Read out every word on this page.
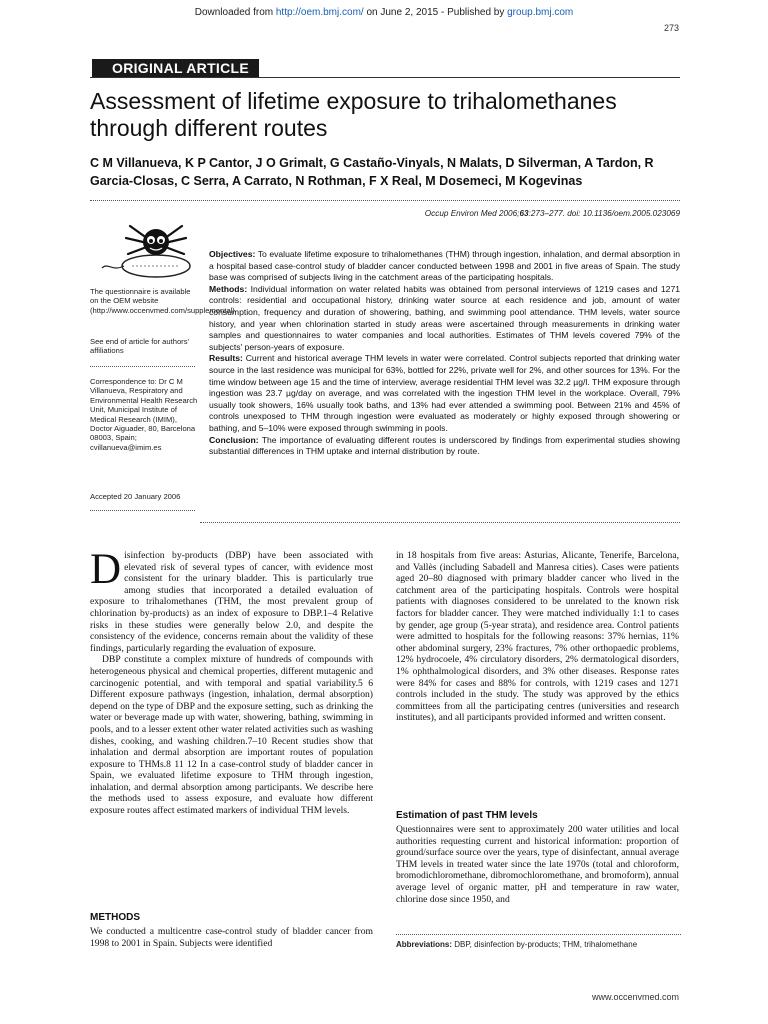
Downloaded from http://oem.bmj.com/ on June 2, 2015 - Published by group.bmj.com
273
ORIGINAL ARTICLE
Assessment of lifetime exposure to trihalomethanes through different routes
C M Villanueva, K P Cantor, J O Grimalt, G Castaño-Vinyals, N Malats, D Silverman, A Tardon, R Garcia-Closas, C Serra, A Carrato, N Rothman, F X Real, M Dosemeci, M Kogevinas
Occup Environ Med 2006;63:273–277. doi: 10.1136/oem.2005.023069
The questionnaire is available on the OEM website (http://www.occenvmed.com/supplemental)
See end of article for authors' affiliations
Correspondence to: Dr C M Villanueva, Respiratory and Environmental Health Research Unit, Municipal Institute of Medical Research (IMIM), Doctor Aiguader, 80, Barcelona 08003, Spain; cvillanueva@imim.es
Accepted 20 January 2006

Objectives: To evaluate lifetime exposure to trihalomethanes (THM) through ingestion, inhalation, and dermal absorption in a hospital based case-control study of bladder cancer conducted between 1998 and 2001 in five areas of Spain. The study base was comprised of subjects living in the catchment areas of the participating hospitals.

Methods: Individual information on water related habits was obtained from personal interviews of 1219 cases and 1271 controls: residential and occupational history, drinking water source at each residence and job, amount of water consumption, frequency and duration of showering, bathing, and swimming pool attendance. THM levels, water source history, and year when chlorination started in study areas were ascertained through measurements in drinking water samples and questionnaires to water companies and local authorities. Estimates of THM levels covered 79% of the subjects' person-years of exposure.

Results: Current and historical average THM levels in water were correlated. Control subjects reported that drinking water source in the last residence was municipal for 63%, bottled for 22%, private well for 2%, and other sources for 13%. For the time window between age 15 and the time of interview, average residential THM level was 32.2 µg/l. THM exposure through ingestion was 23.7 µg/day on average, and was correlated with the ingestion THM level in the workplace. Overall, 79% usually took showers, 16% usually took baths, and 13% had ever attended a swimming pool. Between 21% and 45% of controls unexposed to THM through ingestion were evaluated as moderately or highly exposed through showering or bathing, and 5–10% were exposed through swimming in pools.

Conclusion: The importance of evaluating different routes is underscored by findings from experimental studies showing substantial differences in THM uptake and internal distribution by route.

Disinfection by-products (DBP) have been associated with elevated risk of several types of cancer, with evidence most consistent for the urinary bladder. This is particularly true among studies that incorporated a detailed evaluation of exposure to trihalomethanes (THM, the most prevalent group of chlorination by-products) as an index of exposure to DBP.1–4 Relative risks in these studies were generally below 2.0, and despite the consistency of the evidence, concerns remain about the validity of these findings, particularly regarding the evaluation of exposure.

DBP constitute a complex mixture of hundreds of compounds with heterogeneous physical and chemical properties, different mutagenic and carcinogenic potential, and with temporal and spatial variability.5 6 Different exposure pathways (ingestion, inhalation, dermal absorption) depend on the type of DBP and the exposure setting, such as drinking the water or beverage made up with water, showering, bathing, swimming in pools, and to a lesser extent other water related activities such as washing dishes, cooking, and washing children.7–10 Recent studies show that inhalation and dermal absorption are important routes of population exposure to THMs.8 11 12 In a case-control study of bladder cancer in Spain, we evaluated lifetime exposure to THM through ingestion, inhalation, and dermal absorption among participants. We describe here the methods used to assess exposure, and evaluate how different exposure routes affect estimated markers of individual THM levels.

METHODS

We conducted a multicentre case-control study of bladder cancer from 1998 to 2001 in Spain. Subjects were identified

in 18 hospitals from five areas: Asturias, Alicante, Tenerife, Barcelona, and Vallès (including Sabadell and Manresa cities). Cases were patients aged 20–80 diagnosed with primary bladder cancer who lived in the catchment area of the participating hospitals. Controls were hospital patients with diagnoses considered to be unrelated to the known risk factors for bladder cancer. They were matched individually 1:1 to cases by gender, age group (5-year strata), and residence area. Control patients were admitted to hospitals for the following reasons: 37% hernias, 11% other abdominal surgery, 23% fractures, 7% other orthopaedic problems, 12% hydrocoele, 4% circulatory disorders, 2% dermatological disorders, 1% ophthalmological disorders, and 3% other diseases. Response rates were 84% for cases and 88% for controls, with 1219 cases and 1271 controls included in the study. The study was approved by the ethics committees from all the participating centres (universities and research institutes), and all participants provided informed and written consent.

Estimation of past THM levels

Questionnaires were sent to approximately 200 water utilities and local authorities requesting current and historical information: proportion of ground/surface source over the years, type of disinfectant, annual average THM levels in treated water since the late 1970s (total and chloroform, bromodichloromethane, dibromochloromethane, and bromoform), annual average level of organic matter, pH and temperature in raw water, chlorine dose since 1950, and

Abbreviations: DBP, disinfection by-products; THM, trihalomethane
www.occenvmed.com
